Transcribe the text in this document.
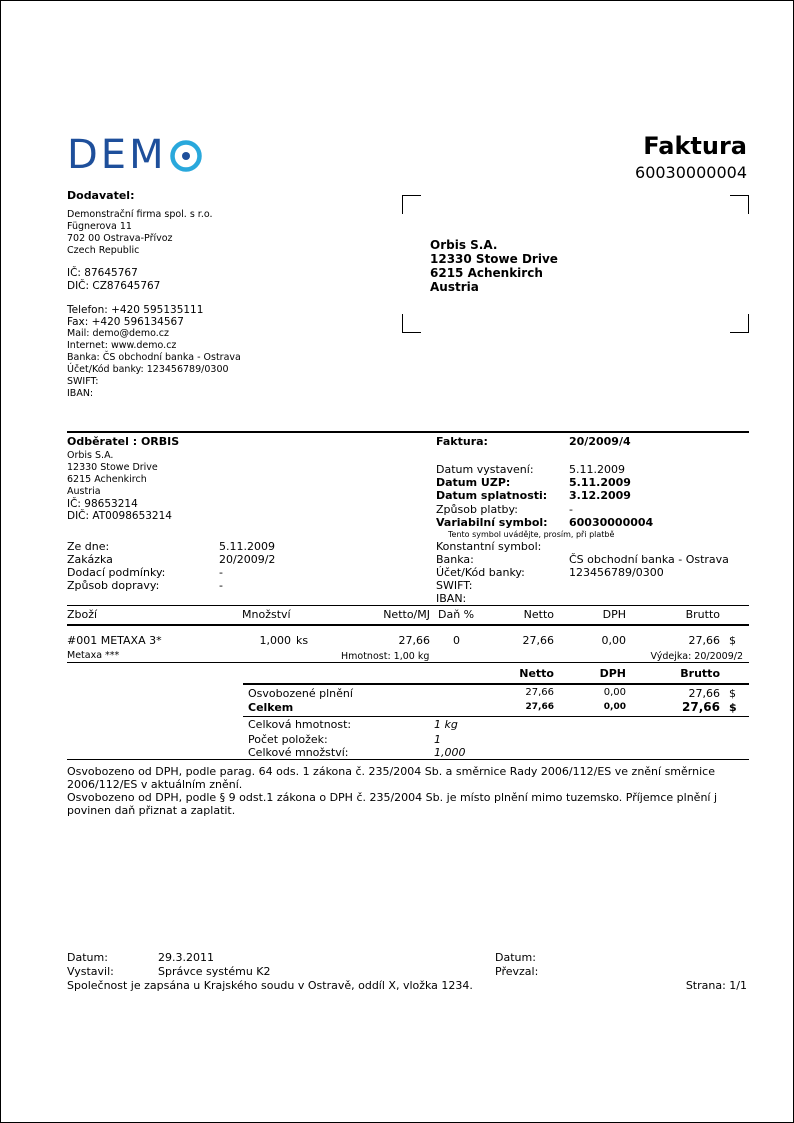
DEM	Faktura
60030000004
Dodavatel:
Demonstrační firma spol. s r.o.
Fügnerova 11
702 00 Ostrava-Přívoz
Czech Republic
IČ: 87645767
DIČ: CZ87645767
Telefon: +420 595135111
Fax: +420 596134567
Mail: demo@demo.cz
Internet: www.demo.cz
Banka: ČS obchodní banka - Ostrava
Účet/Kód banky: 123456789/0300
SWIFT:
IBAN:
Orbis S.A.
12330 Stowe Drive
6215 Achenkirch
Austria
Odběratel : ORBIS
Orbis S.A.
12330 Stowe Drive
6215 Achenkirch
Austria
IČ: 98653214
DIČ: AT0098653214
Ze dne:	5.11.2009
Zakázka	20/2009/2
Dodací podmínky:	-
Způsob dopravy:	-
Faktura:	20/2009/4
Datum vystavení:	5.11.2009
Datum UZP:	5.11.2009
Datum splatnosti: 3.12.2009
Způsob platby:	-
Variabilní symbol: 60030000004
Tento symbol uvádějte, prosím, při platbě
Konstantní symbol:
Banka:	ČS obchodní banka - Ostrava
Účet/Kód banky:	123456789/0300
SWIFT:
IBAN:
Zboží	Množství	Netto/MJ Daň %	Netto	DPH	Brutto
#001 METAXA 3*	1,000 ks	27,66 0	27,66	0,00	27,66 $
Metaxa ***	Hmotnost: 1,00 kg	Výdejka: 20/2009/2
Netto	DPH	Brutto
Osvobozené plnění	27,66	0,00	27,66 $
Celkem	27,66	0,00	27,66 $
Celková hmotnost:	1 kg
Počet položek:	1
Celkové množství:	1,000
Osvobozeno od DPH, podle parag. 64 ods. 1 zákona č. 235/2004 Sb. a směrnice Rady 2006/112/ES ve znění směrnice
2006/112/ES v aktuálním znění.
Osvobozeno od DPH, podle § 9 odst.1 zákona o DPH č. 235/2004 Sb. je místo plnění mimo tuzemsko. Příjemce plnění j
povinen daň přiznat a zaplatit.
Datum:	29.3.2011	Datum:
Vystavil:	Správce systému K2	Převzal:
Společnost je zapsána u Krajského soudu v Ostravě, oddíl X, vložka 1234.	Strana: 1/1
